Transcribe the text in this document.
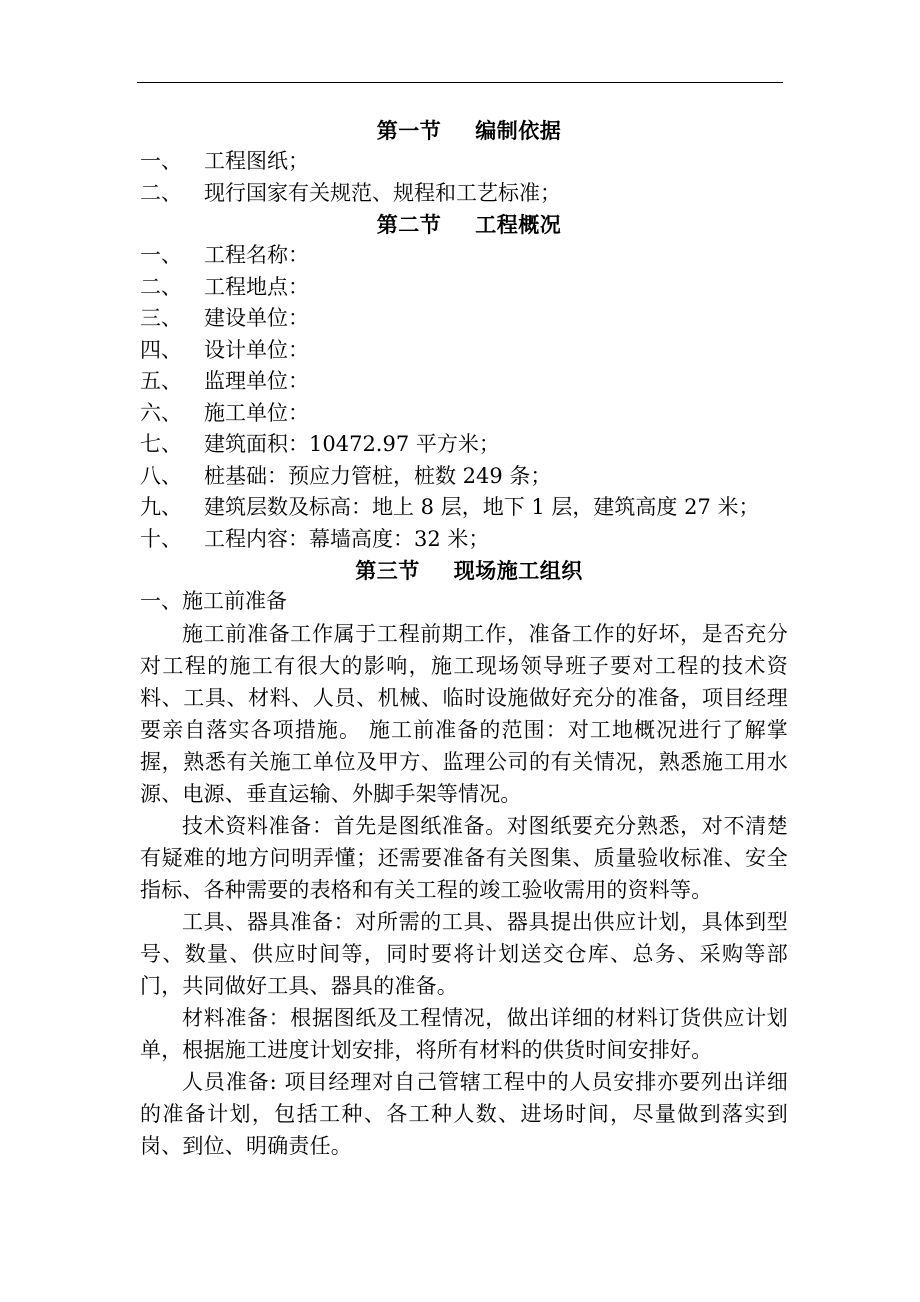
第一节 编制依据
一、	工程图纸；
二、	现行国家有关规范、规程和工艺标准；
第二节 工程概况
一、	工程名称：
二、	工程地点：
三、	建设单位：
四、	设计单位：
五、	监理单位：
六、	施工单位：
七、	建筑面积：10472.97 平方米；
八、	桩基础：预应力管桩，桩数 249 条；
九、	建筑层数及标高：地上 8 层，地下 1 层，建筑高度 27 米；
十、	工程内容：幕墙高度：32 米；
第三节 现场施工组织
一、施工前准备
施工前准备工作属于工程前期工作，准备工作的好坏，是否充分对工程的施工有很大的影响，施工现场领导班子要对工程的技术资料、工具、材料、人员、机械、临时设施做好充分的准备，项目经理要亲自落实各项措施。 施工前准备的范围：对工地概况进行了解掌握，熟悉有关施工单位及甲方、监理公司的有关情况，熟悉施工用水源、电源、垂直运输、外脚手架等情况。
技术资料准备：首先是图纸准备。对图纸要充分熟悉，对不清楚有疑难的地方问明弄懂；还需要准备有关图集、质量验收标准、安全指标、各种需要的表格和有关工程的竣工验收需用的资料等。
工具、器具准备：对所需的工具、器具提出供应计划，具体到型号、数量、供应时间等，同时要将计划送交仓库、总务、采购等部门，共同做好工具、器具的准备。
材料准备：根据图纸及工程情况，做出详细的材料订货供应计划单，根据施工进度计划安排，将所有材料的供货时间安排好。
人员准备: 项目经理对自己管辖工程中的人员安排亦要列出详细的准备计划，包括工种、各工种人数、进场时间，尽量做到落实到岗、到位、明确责任。
